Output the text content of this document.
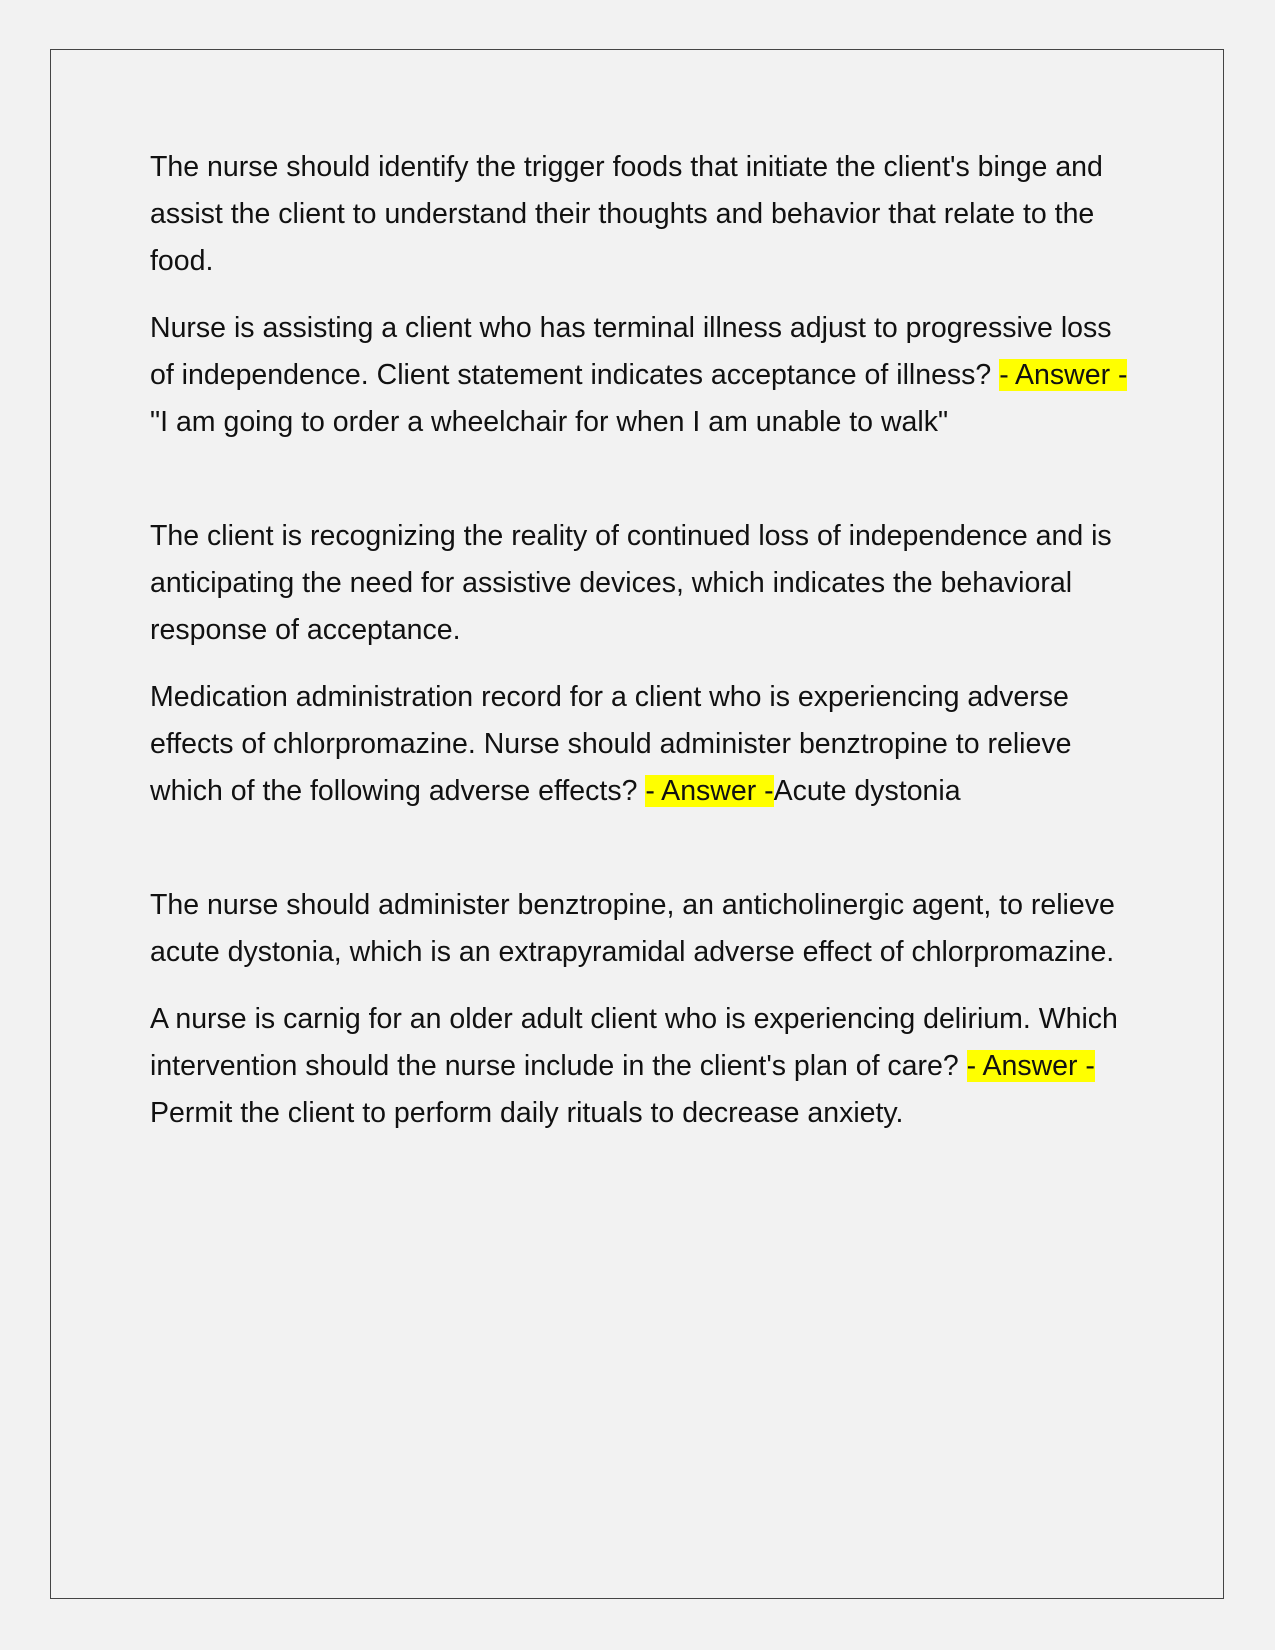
The nurse should identify the trigger foods that initiate the client's binge and assist the client to understand their thoughts and behavior that relate to the food.

Nurse is assisting a client who has terminal illness adjust to progressive loss of independence. Client statement indicates acceptance of illness? - Answer -"I am going to order a wheelchair for when I am unable to walk"

The client is recognizing the reality of continued loss of independence and is anticipating the need for assistive devices, which indicates the behavioral response of acceptance.

Medication administration record for a client who is experiencing adverse effects of chlorpromazine. Nurse should administer benztropine to relieve which of the following adverse effects? - Answer -Acute dystonia

The nurse should administer benztropine, an anticholinergic agent, to relieve acute dystonia, which is an extrapyramidal adverse effect of chlorpromazine.

A nurse is carnig for an older adult client who is experiencing delirium. Which intervention should the nurse include in the client's plan of care? - Answer -Permit the client to perform daily rituals to decrease anxiety.
